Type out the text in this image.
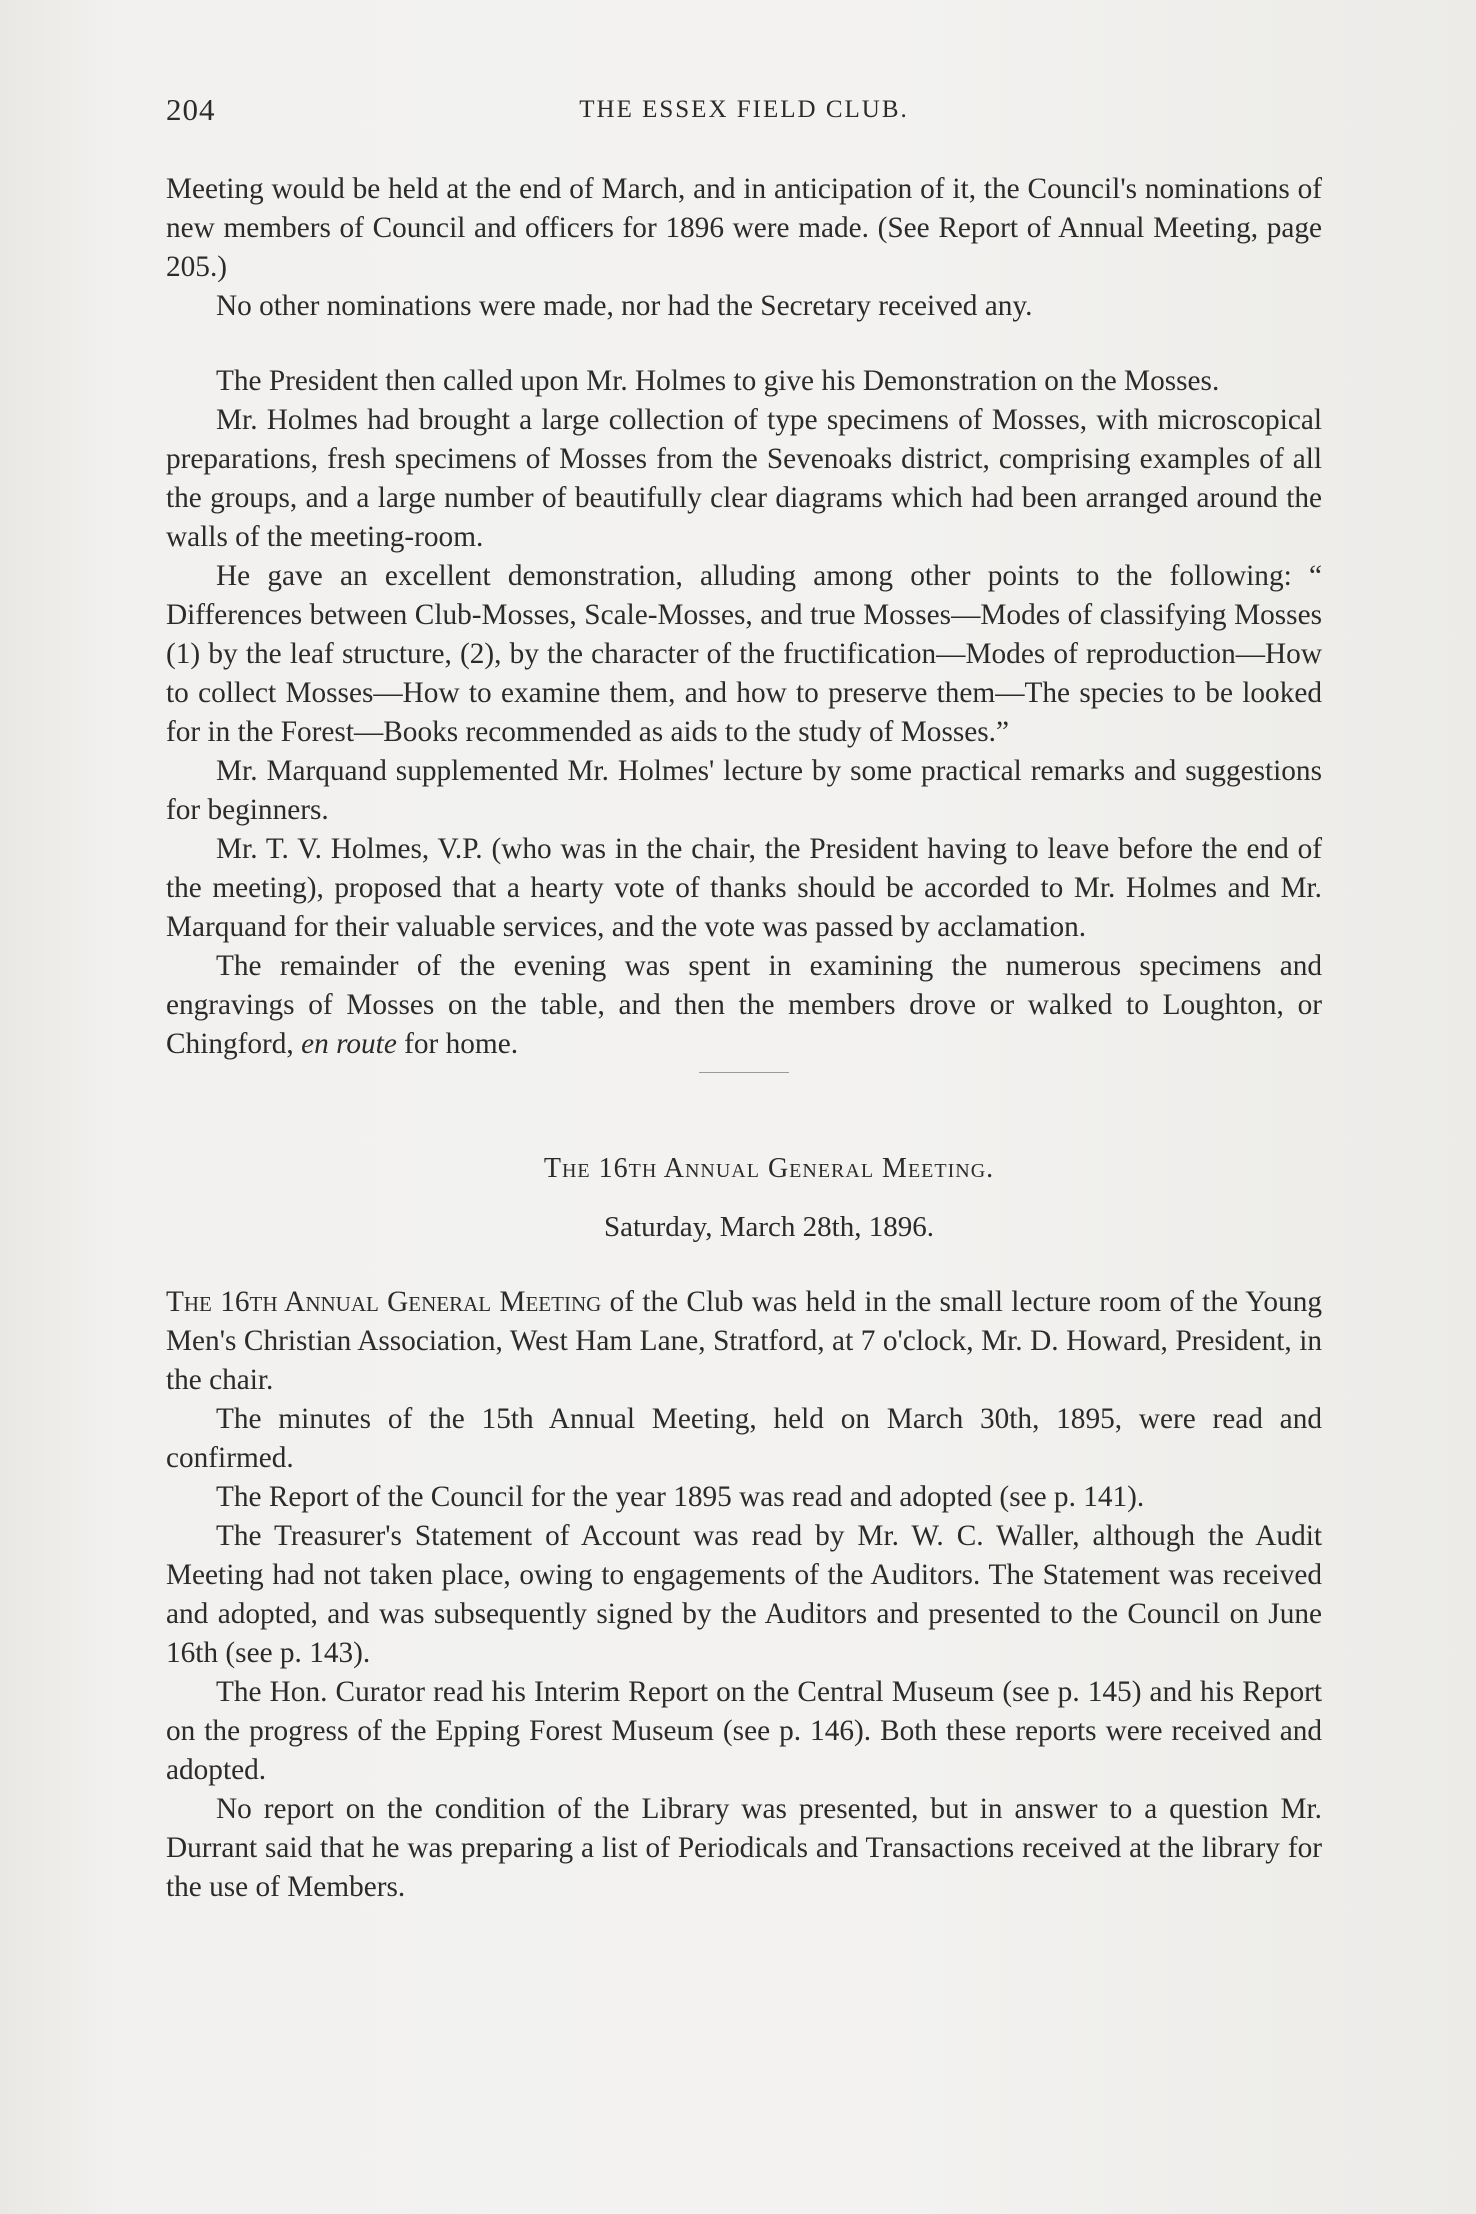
204	THE ESSEX FIELD CLUB.

Meeting would be held at the end of March, and in anticipation of it, the Council's nominations of new members of Council and officers for 1896 were made. (See Report of Annual Meeting, page 205.)

No other nominations were made, nor had the Secretary received any.

The President then called upon Mr. Holmes to give his Demonstration on the Mosses.

Mr. Holmes had brought a large collection of type specimens of Mosses, with microscopical preparations, fresh specimens of Mosses from the Sevenoaks district, comprising examples of all the groups, and a large number of beautifully clear diagrams which had been arranged around the walls of the meeting-room.

He gave an excellent demonstration, alluding among other points to the following: “ Differences between Club-Mosses, Scale-Mosses, and true Mosses—Modes of classifying Mosses (1) by the leaf structure, (2), by the character of the fructification—Modes of reproduction—How to collect Mosses—How to examine them, and how to preserve them—The species to be looked for in the Forest—Books recommended as aids to the study of Mosses.”

Mr. Marquand supplemented Mr. Holmes' lecture by some practical remarks and suggestions for beginners.

Mr. T. V. Holmes, V.P. (who was in the chair, the President having to leave before the end of the meeting), proposed that a hearty vote of thanks should be accorded to Mr. Holmes and Mr. Marquand for their valuable services, and the vote was passed by acclamation.

The remainder of the evening was spent in examining the numerous specimens and engravings of Mosses on the table, and then the members drove or walked to Loughton, or Chingford, en route for home.

The 16th Annual General Meeting.

Saturday, March 28th, 1896.

The 16th Annual General Meeting of the Club was held in the small lecture room of the Young Men's Christian Association, West Ham Lane, Stratford, at 7 o'clock, Mr. D. Howard, President, in the chair.

The minutes of the 15th Annual Meeting, held on March 30th, 1895, were read and confirmed.

The Report of the Council for the year 1895 was read and adopted (see p. 141).

The Treasurer's Statement of Account was read by Mr. W. C. Waller, although the Audit Meeting had not taken place, owing to engagements of the Auditors. The Statement was received and adopted, and was subsequently signed by the Auditors and presented to the Council on June 16th (see p. 143).

The Hon. Curator read his Interim Report on the Central Museum (see p. 145) and his Report on the progress of the Epping Forest Museum (see p. 146). Both these reports were received and adopted.

No report on the condition of the Library was presented, but in answer to a question Mr. Durrant said that he was preparing a list of Periodicals and Transactions received at the library for the use of Members.
